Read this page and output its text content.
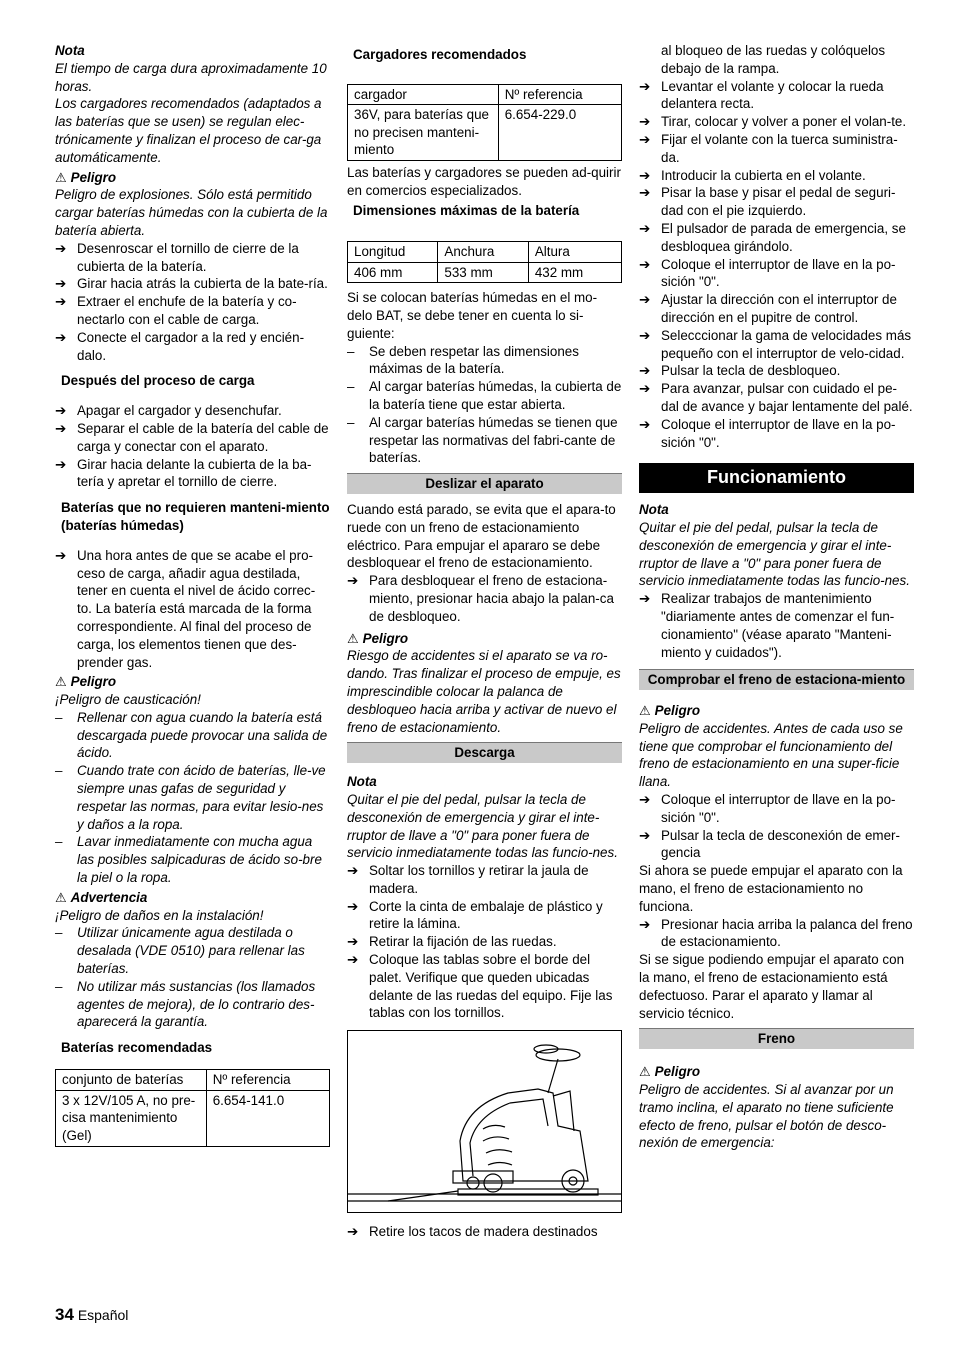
Nota

El tiempo de carga dura aproximadamente 10 horas.

Los cargadores recomendados (adaptados a las baterías que se usen) se regulan elec-trónicamente y finalizan el proceso de car-ga automáticamente.

⚠ Peligro

Peligro de explosiones. Sólo está permitido cargar baterías húmedas con la cubierta de la batería abierta.

➔ Desenroscar el tornillo de cierre de la cubierta de la batería.
➔ Girar hacia atrás la cubierta de la bate-ría.
➔ Extraer el enchufe de la batería y co-nectarlo con el cable de carga.
➔ Conecte el cargador a la red y encién-dalo.

Después del proceso de carga

➔ Apagar el cargador y desenchufar.
➔ Separar el cable de la batería del cable de carga y conectar con el aparato.
➔ Girar hacia delante la cubierta de la ba-tería y apretar el tornillo de cierre.

Baterías que no requieren manteni-miento (baterías húmedas)

➔ Una hora antes de que se acabe el pro-ceso de carga, añadir agua destilada, tener en cuenta el nivel de ácido correc-to. La batería está marcada de la forma correspondiente. Al final del proceso de carga, los elementos tienen que des-prender gas.
⚠ Peligro

¡Peligro de causticación!

–	Rellenar con agua cuando la batería está descargada puede provocar una salida de ácido.
–	Cuando trate con ácido de baterías, lle-ve siempre unas gafas de seguridad y respetar las normas, para evitar lesio-nes y daños a la ropa.
–	Lavar inmediatamente con mucha agua las posibles salpicaduras de ácido so-bre la piel o la ropa.
⚠ Advertencia

¡Peligro de daños en la instalación!

–	Utilizar únicamente agua destilada o desalada (VDE 0510) para rellenar las baterías.
–	No utilizar más sustancias (los llamados agentes de mejora), de lo contrario des-aparecerá la garantía.

Baterías recomendadas

conjunto de baterías	Nº referencia
3 x 12V/105 A, no pre-cisa mantenimiento (Gel)	6.654-141.0

Cargadores recomendados

cargador	Nº referencia
36V, para baterías que no precisen manteni-miento	6.654-229.0

Las baterías y cargadores se pueden ad-quirir en comercios especializados.

Dimensiones máximas de la batería

Longitud	Anchura	Altura
406 mm	533 mm	432 mm

Si se colocan baterías húmedas en el mo-delo BAT, se debe tener en cuenta lo si-guiente:

–	Se deben respetar las dimensiones máximas de la batería.
–	Al cargar baterías húmedas, la cubierta de la batería tiene que estar abierta.
–	Al cargar baterías húmedas se tienen que respetar las normativas del fabri-cante de baterías.
Deslizar el aparato

Cuando está parado, se evita que el apara-to ruede con un freno de estacionamiento eléctrico. Para empujar el apararo se debe desbloquear el freno de estacionamiento.

➔ Para desbloquear el freno de estaciona-miento, presionar hacia abajo la palan-ca de desbloqueo.
⚠ Peligro

Riesgo de accidentes si el aparato se va ro-dando. Tras finalizar el proceso de empuje, es imprescindible colocar la palanca de desbloqueo hacia arriba y activar de nuevo el freno de estacionamiento.

Descarga

Nota

Quitar el pie del pedal, pulsar la tecla de desconexión de emergencia y girar el inte-rruptor de llave a "0" para poner fuera de servicio inmediatamente todas las funcio-nes.

➔ Soltar los tornillos y retirar la jaula de madera.
➔ Corte la cinta de embalaje de plástico y retire la lámina.
➔ Retirar la fijación de las ruedas.
➔ Coloque las tablas sobre el borde del palet. Verifique que queden ubicadas delante de las ruedas del equipo. Fije las tablas con los tornillos.
➔ Retire los tacos de madera destinados
al bloqueo de las ruedas y colóquelos debajo de la rampa.
➔ Levantar el volante y colocar la rueda delantera recta.
➔ Tirar, colocar y volver a poner el volan-te.
➔ Fijar el volante con la tuerca suministra-da.
➔ Introducir la cubierta en el volante.
➔ Pisar la base y pisar el pedal de seguri-dad con el pie izquierdo.
➔ El pulsador de parada de emergencia, se desbloquea girándolo.
➔ Coloque el interruptor de llave en la po-sición "0".
➔ Ajustar la dirección con el interruptor de dirección en el pupitre de control.
➔ Selecccionar la gama de velocidades más pequeño con el interruptor de velo-cidad.
➔ Pulsar la tecla de desbloqueo.
➔ Para avanzar, pulsar con cuidado el pe-dal de avance y bajar lentamente del palé.
➔ Coloque el interruptor de llave en la po-sición "0".
Funcionamiento

Nota

Quitar el pie del pedal, pulsar la tecla de desconexión de emergencia y girar el inte-rruptor de llave a "0" para poner fuera de servicio inmediatamente todas las funcio-nes.

➔ Realizar trabajos de mantenimiento "diariamente antes de comenzar el fun-cionamiento" (véase aparato "Manteni-miento y cuidados").
Comprobar el freno de estaciona-miento
⚠ Peligro

Peligro de accidentes. Antes de cada uso se tiene que comprobar el funcionamiento del freno de estacionamiento en una super-ficie llana.

➔ Coloque el interruptor de llave en la po-sición "0".
➔ Pulsar la tecla de desconexión de emer-gencia

Si ahora se puede empujar el aparato con la mano, el freno de estacionamiento no funciona.

➔ Presionar hacia arriba la palanca del freno de estacionamiento.

Si se sigue podiendo empujar el aparato con la mano, el freno de estacionamiento está defectuoso. Parar el aparato y llamar al servicio técnico.

Freno
⚠ Peligro

Peligro de accidentes. Si al avanzar por un tramo inclina, el aparato no tiene suficiente efecto de freno, pulsar el botón de desco-nexión de emergencia:

34 Español
